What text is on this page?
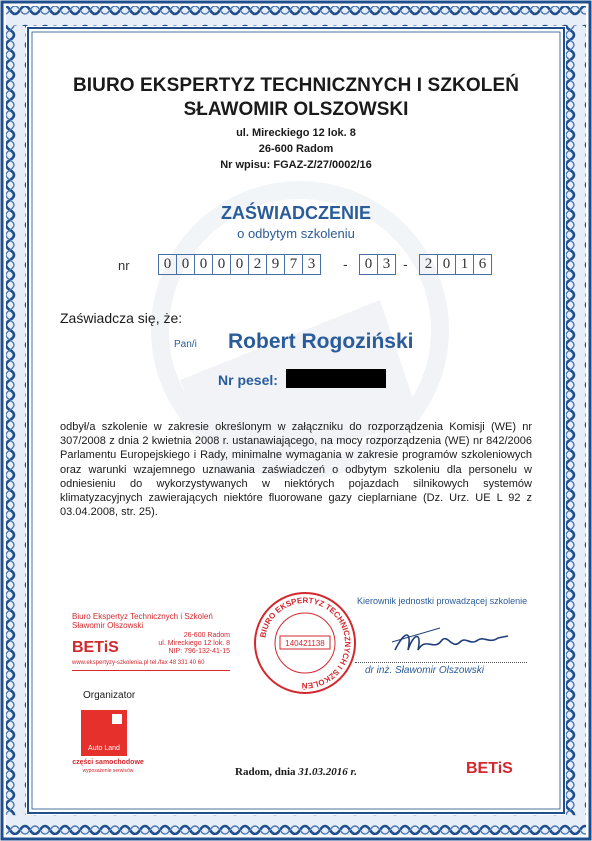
BIURO EKSPERTYZ TECHNICZNYCH I SZKOLEŃ
SŁAWOMIR OLSZOWSKI
ul. Mireckiego 12 lok. 8
26-600 Radom
Nr wpisu: FGAZ-Z/27/0002/16
ZAŚWIADCZENIE
o odbytym szkoleniu
nr	0 0 0 0 0 2 9 7 3	-	0 3 -	2 0 1 6
Zaświadcza się, że:
Pan/i Robert Rogoziński
Nr pesel:

odbył/a szkolenie w zakresie określonym w załączniku do rozporządzenia Komisji (WE) nr 307/2008 z dnia 2 kwietnia 2008 r. ustanawiającego, na mocy rozporządzenia (WE) nr 842/2006 Parlamentu Europejskiego i Rady, minimalne wymagania w zakresie programów szkoleniowych oraz warunki wzajemnego uznawania zaświadczeń o odbytym szkoleniu dla personelu w odniesieniu do wykorzystywanych w niektórych pojazdach silnikowych systemów klimatyzacyjnych zawierających niektóre fluorowane gazy cieplarniane (Dz. Urz. UE L 92 z 03.04.2008, str. 25).

Biuro Ekspertyz Technicznych i Szkoleń
Sławomir Olszowski
BETiS
26-600 Radom
ul. Mireckiego 12 lok. 8
NIP: 796-132-41-15
www.ekspertyzy-szkolenia.pl tel./fax 48 331 40 60
BIURO EKSPERTYZ TECHNICZNYCH I SZKOLEŃ
140421138
Organizator
Auto Land
części samochodowe
wyposażenie serwisów
Kierownik jednostki prowadzącej szkolenie
dr inż. Sławomir Olszowski
Radom, dnia 31.03.2016 r.	BETiS
